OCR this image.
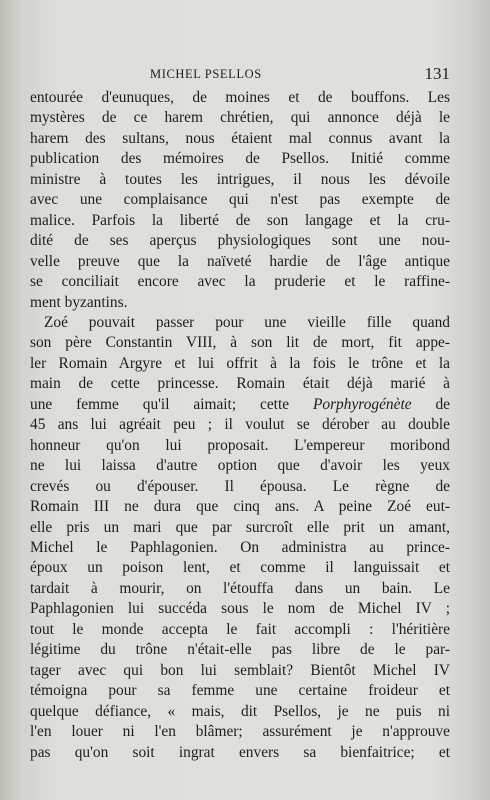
MICHEL PSELLOS	131
entourée d'eunuques, de moines et de bouffons. Les
mystères de ce harem chrétien, qui annonce déjà le
harem des sultans, nous étaient mal connus avant la
publication des mémoires de Psellos. Initié comme
ministre à toutes les intrigues, il nous les dévoile
avec une complaisance qui n'est pas exempte de
malice. Parfois la liberté de son langage et la cru-
dité de ses aperçus physiologiques sont une nou-
velle preuve que la naïveté hardie de l'âge antique
se conciliait encore avec la pruderie et le raffine-
ment byzantins.
Zoé pouvait passer pour une vieille fille quand
son père Constantin VIII, à son lit de mort, fit appe-
ler Romain Argyre et lui offrit à la fois le trône et la
main de cette princesse. Romain était déjà marié à
une femme qu'il aimait; cette Porphyrogénète de
45 ans lui agréait peu ; il voulut se dérober au double
honneur qu'on lui proposait. L'empereur moribond
ne lui laissa d'autre option que d'avoir les yeux
crevés ou d'épouser. Il épousa. Le règne de
Romain III ne dura que cinq ans. A peine Zoé eut-
elle pris un mari que par surcroît elle prit un amant,
Michel le Paphlagonien. On administra au prince-
époux un poison lent, et comme il languissait et
tardait à mourir, on l'étouffa dans un bain. Le
Paphlagonien lui succéda sous le nom de Michel IV ;
tout le monde accepta le fait accompli : l'héritière
légitime du trône n'était-elle pas libre de le par-
tager avec qui bon lui semblait? Bientôt Michel IV
témoigna pour sa femme une certaine froideur et
quelque défiance, « mais, dit Psellos, je ne puis ni
l'en louer ni l'en blâmer; assurément je n'approuve
pas qu'on soit ingrat envers sa bienfaitrice; et
